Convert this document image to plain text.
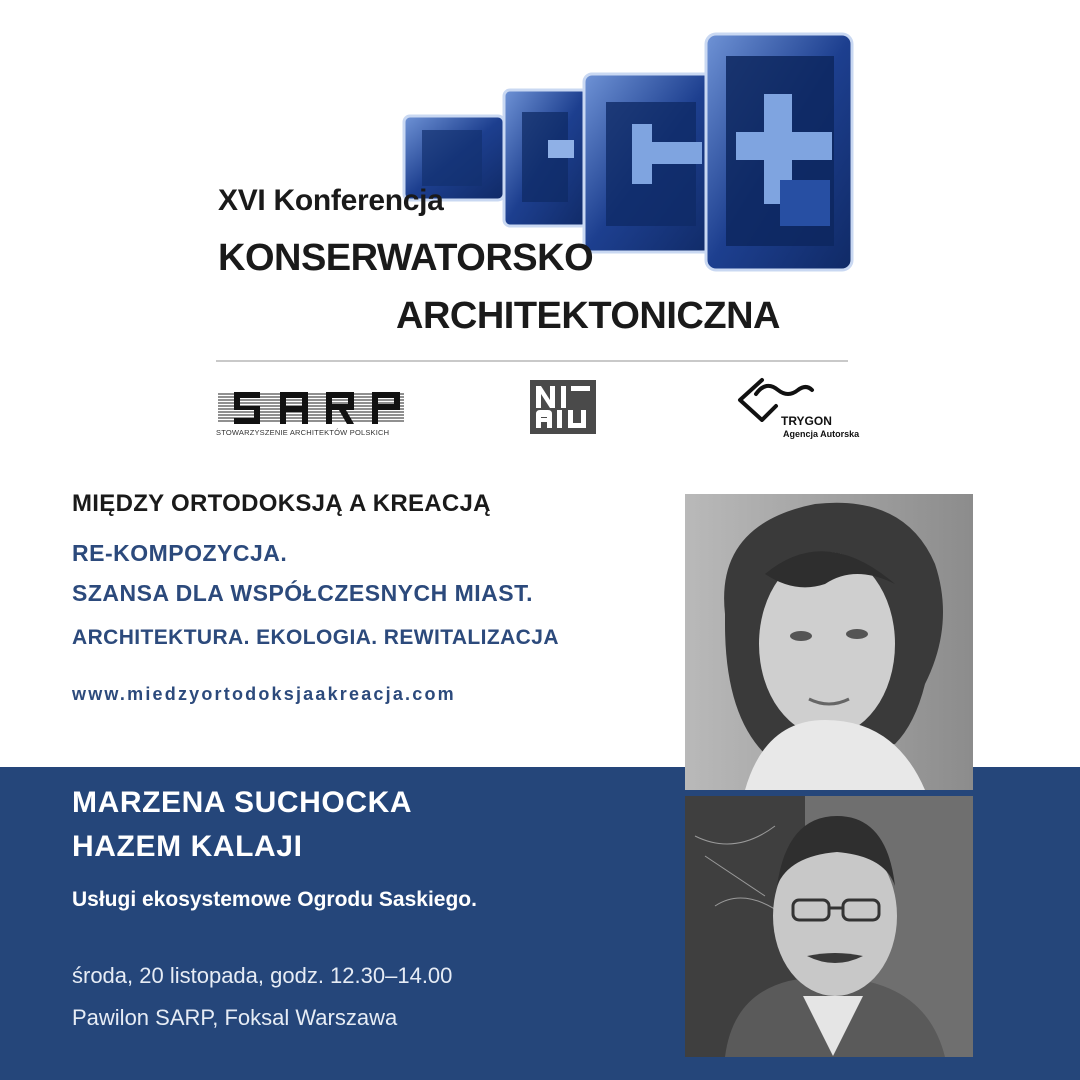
XVI Konferencja
KONSERWATORSKO
ARCHITEKTONICZNA
STOWARZYSZENIE ARCHITEKTÓW POLSKICH
TRYGON
Agencja Autorska
MIĘDZY ORTODOKSJĄ A KREACJĄ
RE-KOMPOZYCJA.
SZANSA DLA WSPÓŁCZESNYCH MIAST.
ARCHITEKTURA. EKOLOGIA. REWITALIZACJA
www.miedzyortodoksjaakreacja.com
MARZENA SUCHOCKA
HAZEM KALAJI
Usługi ekosystemowe Ogrodu Saskiego.
środa, 20 listopada, godz. 12.30–14.00
Pawilon SARP, Foksal Warszawa
